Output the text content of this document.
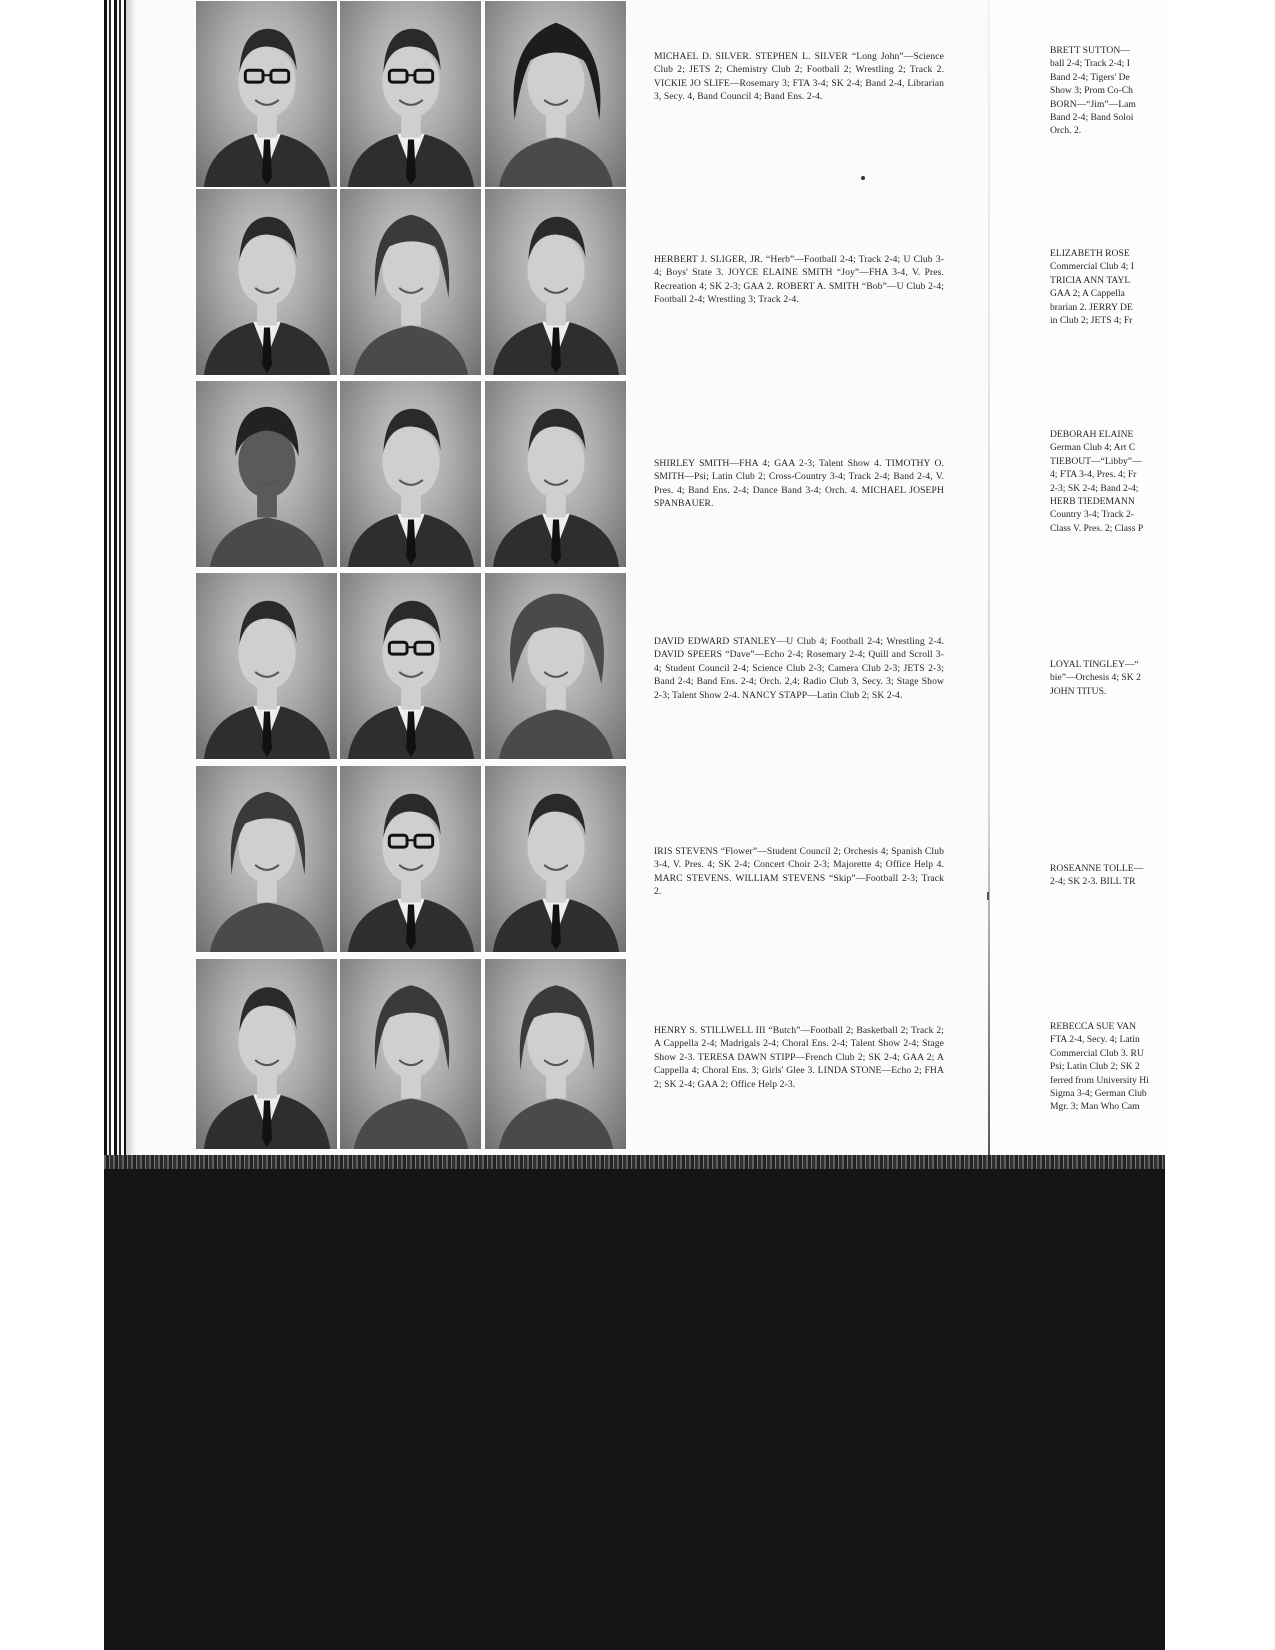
MICHAEL D. SILVER. STEPHEN L. SILVER “Long John”—Science Club 2; JETS 2; Chemistry Club 2; Football 2; Wrestling 2; Track 2. VICKIE JO SLIFE—Rosemary 3; FTA 3-4; SK 2-4; Band 2-4, Librarian 3, Secy. 4, Band Council 4; Band Ens. 2-4.
HERBERT J. SLIGER, JR. “Herb”—Football 2-4; Track 2-4; U Club 3-4; Boys' State 3. JOYCE ELAINE SMITH “Joy”—FHA 3-4, V. Pres. Recreation 4; SK 2-3; GAA 2. ROBERT A. SMITH “Bob”—U Club 2-4; Football 2-4; Wrestling 3; Track 2-4.
SHIRLEY SMITH—FHA 4; GAA 2-3; Talent Show 4. TIMOTHY O. SMITH—Psi; Latin Club 2; Cross-Country 3-4; Track 2-4; Band 2-4, V. Pres. 4; Band Ens. 2-4; Dance Band 3-4; Orch. 4. MICHAEL JOSEPH SPANBAUER.
DAVID EDWARD STANLEY—U Club 4; Football 2-4; Wrestling 2-4. DAVID SPEERS “Dave”—Echo 2-4; Rosemary 2-4; Quill and Scroll 3-4; Student Council 2-4; Science Club 2-3; Camera Club 2-3; JETS 2-3; Band 2-4; Band Ens. 2-4; Orch. 2,4; Radio Club 3, Secy. 3; Stage Show 2-3; Talent Show 2-4. NANCY STAPP—Latin Club 2; SK 2-4.
IRIS STEVENS “Flower”—Student Council 2; Orchesis 4; Spanish Club 3-4, V. Pres. 4; SK 2-4; Concert Choir 2-3; Majorette 4; Office Help 4. MARC STEVENS. WILLIAM STEVENS “Skip”—Football 2-3; Track 2.
HENRY S. STILLWELL III “Butch”—Football 2; Basketball 2; Track 2; A Cappella 2-4; Madrigals 2-4; Choral Ens. 2-4; Talent Show 2-4; Stage Show 2-3. TERESA DAWN STIPP—French Club 2; SK 2-4; GAA 2; A Cappella 4; Choral Ens. 3; Girls' Glee 3. LINDA STONE—Echo 2; FHA 2; SK 2-4; GAA 2; Office Help 2-3.
BRETT SUTTON—
ball 2-4; Track 2-4; I
Band 2-4; Tigers' De
Show 3; Prom Co-Ch
BORN—“Jim”—Lam
Band 2-4; Band Soloi
Orch. 2.
ELIZABETH ROSE
Commercial Club 4; I
TRICIA ANN TAYL
GAA 2; A Cappella
brarian 2. JERRY DE
in Club 2; JETS 4; Fr
DEBORAH ELAINE
German Club 4; Art C
TIEBOUT—“Libby”—
4; FTA 3-4, Pres. 4; Fr
2-3; SK 2-4; Band 2-4;
HERB TIEDEMANN
Country 3-4; Track 2-
Class V. Pres. 2; Class P
LOYAL TINGLEY—“
bie”—Orchesis 4; SK 2
JOHN TITUS.
ROSEANNE TOLLE—
2-4; SK 2-3. BILL TR
REBECCA SUE VAN
FTA 2-4, Secy. 4; Latin
Commercial Club 3. RU
Psi; Latin Club 2; SK 2
ferred from University Hi
Sigma 3-4; German Club
Mgr. 3; Man Who Cam
